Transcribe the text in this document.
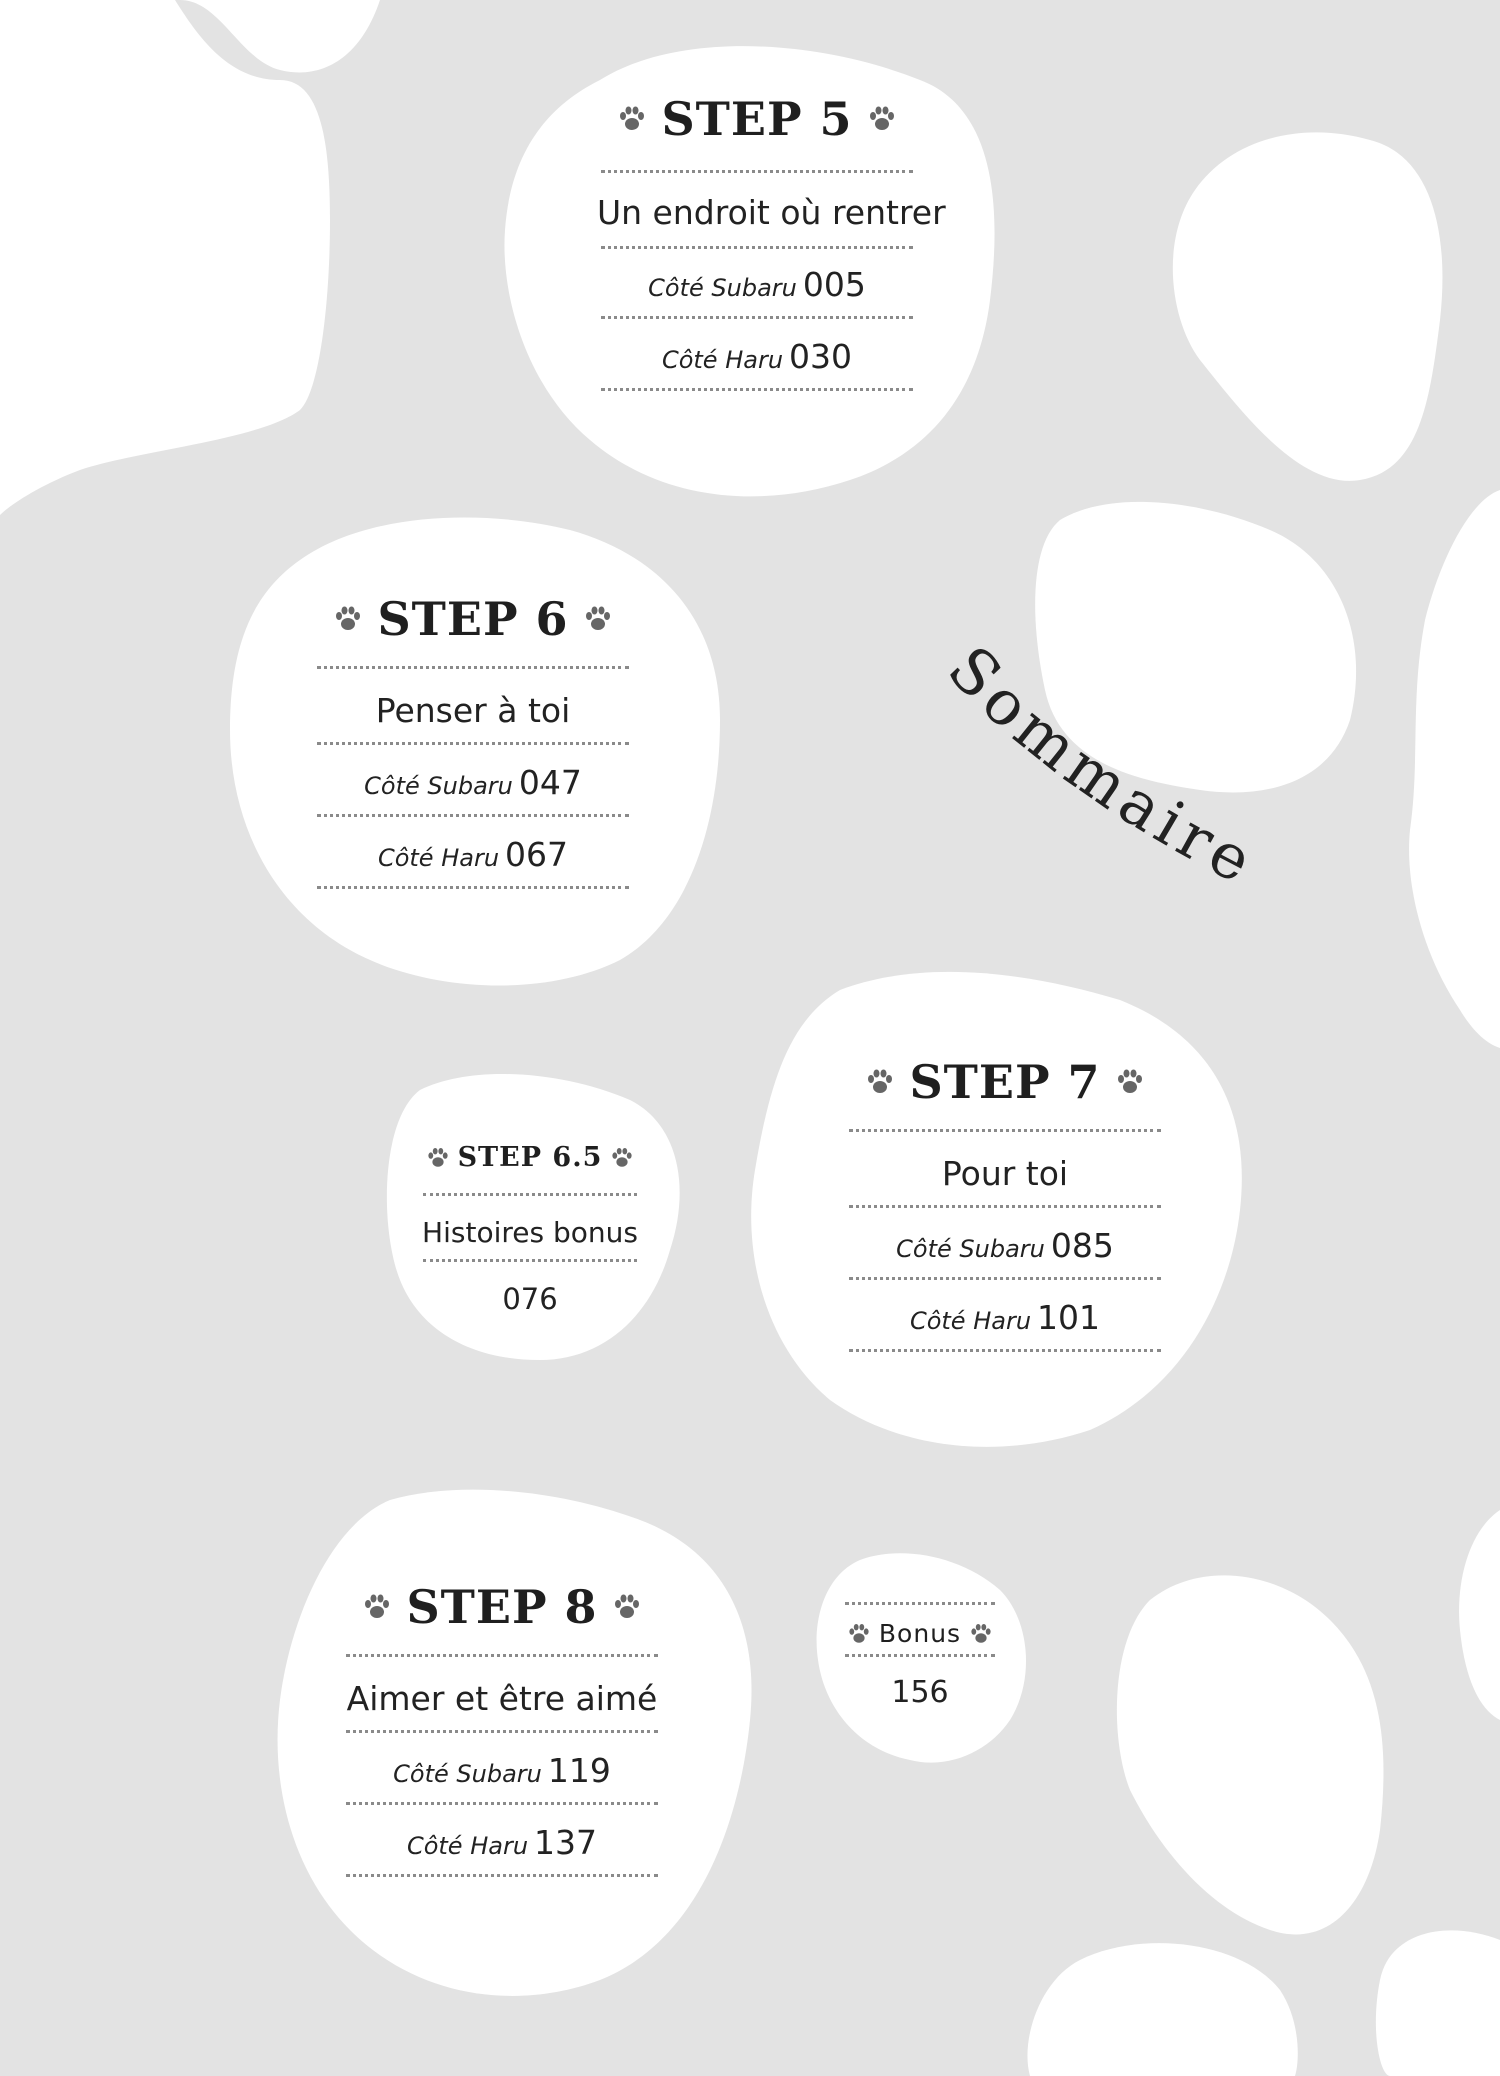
Sommaire
STEP 5
Un endroit où rentrer
Côté Subaru 005
Côté Haru 030
STEP 6
Penser à toi
Côté Subaru 047
Côté Haru 067
STEP 6.5
Histoires bonus
076
STEP 7
Pour toi
Côté Subaru 085
Côté Haru 101
STEP 8
Aimer et être aimé
Côté Subaru 119
Côté Haru 137
Bonus
156
